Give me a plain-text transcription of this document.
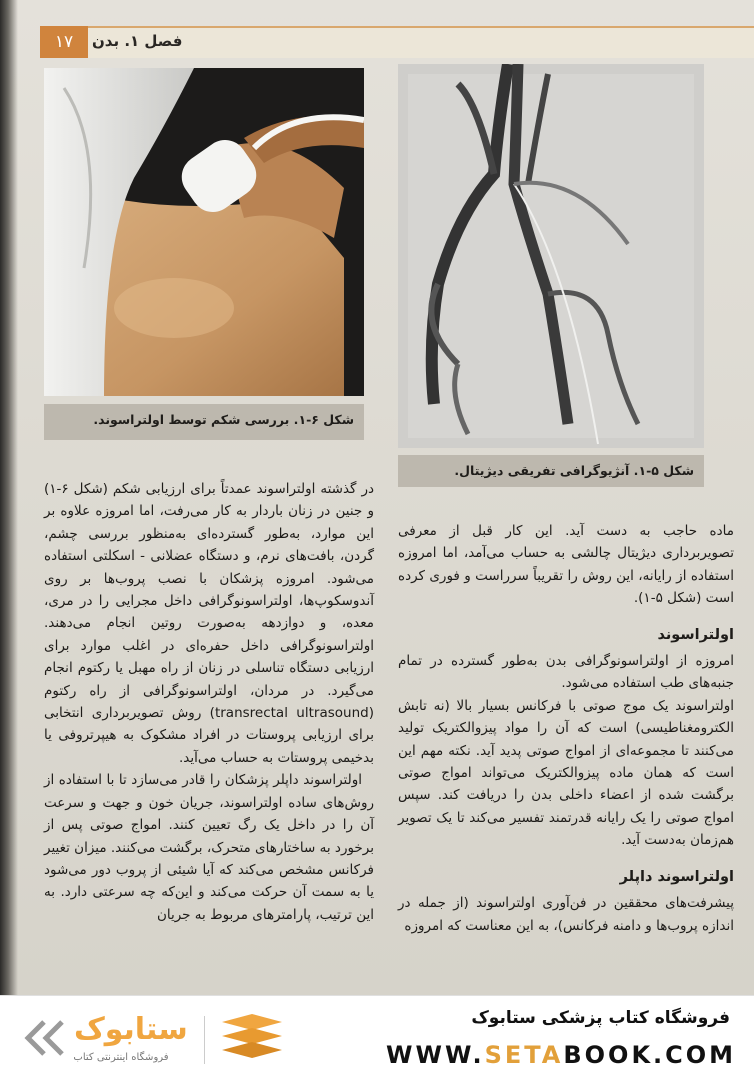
۱۷	فصل ۱. بدن
شکل ۶-۱. بررسی شکم توسط اولتراسوند.
شکل ۵-۱. آنژیوگرافی تفریقی دیژیتال.

در گذشته اولتراسوند عمدتاً برای ارزیابی شکم (شکل ۶-۱) و جنین در زنان باردار به کار می‌رفت، اما امروزه علاوه بر این موارد، به‌طور گسترده‌ای به‌منظور بررسی چشم، گردن، بافت‌های نرم، و دستگاه عضلانی - اسکلتی استفاده می‌شود. امروزه پزشکان با نصب پروب‌ها بر روی آندوسکوپ‌ها، اولتراسونوگرافی داخل مجرایی را در مری، معده، و دوازدهه به‌صورت روتین انجام می‌دهند. اولتراسونوگرافی داخل حفره‌ای در اغلب موارد برای ارزیابی دستگاه تناسلی در زنان از راه مهبل یا رکتوم انجام می‌گیرد. در مردان، اولتراسونوگرافی از راه رکتوم (transrectal ultrasound) روش تصویربرداری انتخابی برای ارزیابی پروستات در افراد مشکوک به هیپرتروفی یا بدخیمی پروستات به حساب می‌آید.

اولتراسوند داپلر پزشکان را قادر می‌سازد تا با استفاده از روش‌های ساده اولتراسوند، جریان خون و جهت و سرعت آن را در داخل یک رگ تعیین کنند. امواج صوتی پس از برخورد به ساختارهای متحرک، برگشت می‌کنند. میزان تغییر فرکانس مشخص می‌کند که آیا شیئی از پروب دور می‌شود یا به سمت آن حرکت می‌کند و این‌که چه سرعتی دارد. به این ترتیب، پارامترهای مربوط به جریان

ماده حاجب به دست آید. این کار قبل از معرفی تصویربرداری دیژیتال چالشی به حساب می‌آمد، اما امروزه استفاده از رایانه، این روش را تقریباً سرراست و فوری کرده است (شکل ۵-۱).

اولتراسوند

امروزه از اولتراسونوگرافی بدن به‌طور گسترده در تمام جنبه‌های طب استفاده می‌شود.

اولتراسوند یک موج صوتی با فرکانس بسیار بالا (نه تابش الکترومغناطیسی) است که آن را مواد پیزوالکتریک تولید می‌کنند تا مجموعه‌ای از امواج صوتی پدید آید. نکته مهم این است که همان ماده پیزوالکتریک می‌تواند امواج صوتی برگشت شده از اعضاء داخلی بدن را دریافت کند. سپس امواج صوتی را یک رایانه قدرتمند تفسیر می‌کند تا یک تصویر هم‌زمان به‌دست آید.

اولتراسوند داپلر

پیشرفت‌های محققین در فن‌آوری اولتراسوند (از جمله در اندازه پروب‌ها و دامنه فرکانس)، به این معناست که امروزه

ستابوک
فروشگاه اینترنتی کتاب
فروشگاه کتاب پزشکی ستابوک
WWW.SETABOOK.COM
